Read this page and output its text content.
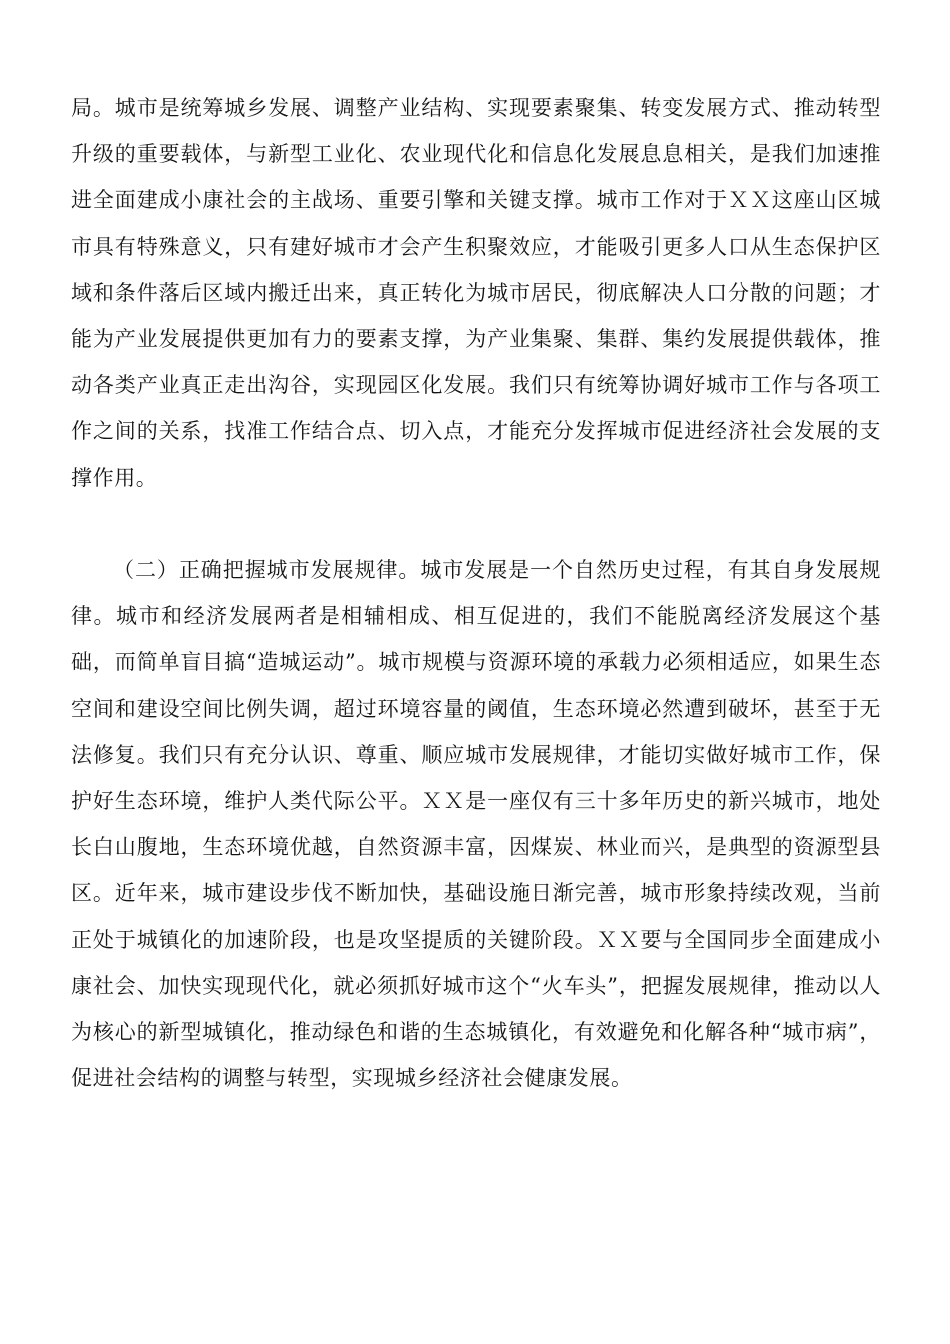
局。城市是统筹城乡发展、调整产业结构、实现要素聚集、转变发展方式、推动转型升级的重要载体，与新型工业化、农业现代化和信息化发展息息相关，是我们加速推进全面建成小康社会的主战场、重要引擎和关键支撑。城市工作对于ＸＸ这座山区城市具有特殊意义，只有建好城市才会产生积聚效应，才能吸引更多人口从生态保护区域和条件落后区域内搬迁出来，真正转化为城市居民，彻底解决人口分散的问题；才能为产业发展提供更加有力的要素支撑，为产业集聚、集群、集约发展提供载体，推动各类产业真正走出沟谷，实现园区化发展。我们只有统筹协调好城市工作与各项工作之间的关系，找准工作结合点、切入点，才能充分发挥城市促进经济社会发展的支撑作用。

（二）正确把握城市发展规律。城市发展是一个自然历史过程，有其自身发展规律。城市和经济发展两者是相辅相成、相互促进的，我们不能脱离经济发展这个基础，而简单盲目搞“造城运动”。城市规模与资源环境的承载力必须相适应，如果生态空间和建设空间比例失调，超过环境容量的阈值，生态环境必然遭到破坏，甚至于无法修复。我们只有充分认识、尊重、顺应城市发展规律，才能切实做好城市工作，保护好生态环境，维护人类代际公平。ＸＸ是一座仅有三十多年历史的新兴城市，地处长白山腹地，生态环境优越，自然资源丰富，因煤炭、林业而兴，是典型的资源型县区。近年来，城市建设步伐不断加快，基础设施日渐完善，城市形象持续改观，当前正处于城镇化的加速阶段，也是攻坚提质的关键阶段。ＸＸ要与全国同步全面建成小康社会、加快实现现代化，就必须抓好城市这个“火车头”，把握发展规律，推动以人为核心的新型城镇化，推动绿色和谐的生态城镇化，有效避免和化解各种“城市病”，促进社会结构的调整与转型，实现城乡经济社会健康发展。
